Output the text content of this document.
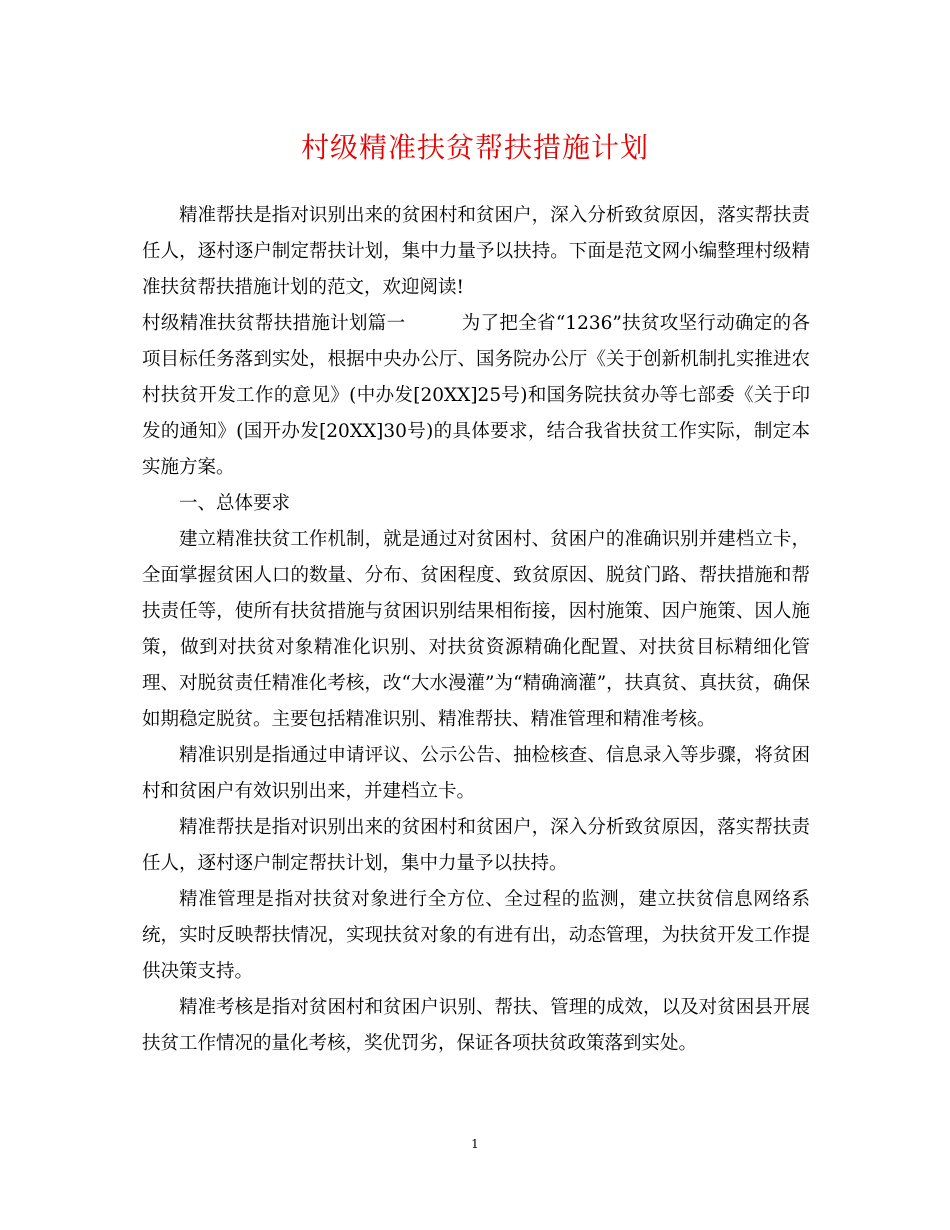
村级精准扶贫帮扶措施计划

精准帮扶是指对识别出来的贫困村和贫困户，深入分析致贫原因，落实帮扶责任人，逐村逐户制定帮扶计划，集中力量予以扶持。下面是范文网小编整理村级精准扶贫帮扶措施计划的范文，欢迎阅读!

村级精准扶贫帮扶措施计划篇一	为了把全省“1236”扶贫攻坚行动确定的各项目标任务落到实处，根据中央办公厅、国务院办公厅《关于创新机制扎实推进农村扶贫开发工作的意见》(中办发[20XX]25号)和国务院扶贫办等七部委《关于印发的通知》(国开办发[20XX]30号)的具体要求，结合我省扶贫工作实际，制定本实施方案。

一、总体要求

建立精准扶贫工作机制，就是通过对贫困村、贫困户的准确识别并建档立卡，全面掌握贫困人口的数量、分布、贫困程度、致贫原因、脱贫门路、帮扶措施和帮扶责任等，使所有扶贫措施与贫困识别结果相衔接，因村施策、因户施策、因人施策，做到对扶贫对象精准化识别、对扶贫资源精确化配置、对扶贫目标精细化管理、对脱贫责任精准化考核，改“大水漫灌”为“精确滴灌”，扶真贫、真扶贫，确保如期稳定脱贫。主要包括精准识别、精准帮扶、精准管理和精准考核。

精准识别是指通过申请评议、公示公告、抽检核查、信息录入等步骤，将贫困村和贫困户有效识别出来，并建档立卡。

精准帮扶是指对识别出来的贫困村和贫困户，深入分析致贫原因，落实帮扶责任人，逐村逐户制定帮扶计划，集中力量予以扶持。

精准管理是指对扶贫对象进行全方位、全过程的监测，建立扶贫信息网络系统，实时反映帮扶情况，实现扶贫对象的有进有出，动态管理，为扶贫开发工作提供决策支持。

精准考核是指对贫困村和贫困户识别、帮扶、管理的成效，以及对贫困县开展扶贫工作情况的量化考核，奖优罚劣，保证各项扶贫政策落到实处。

1
